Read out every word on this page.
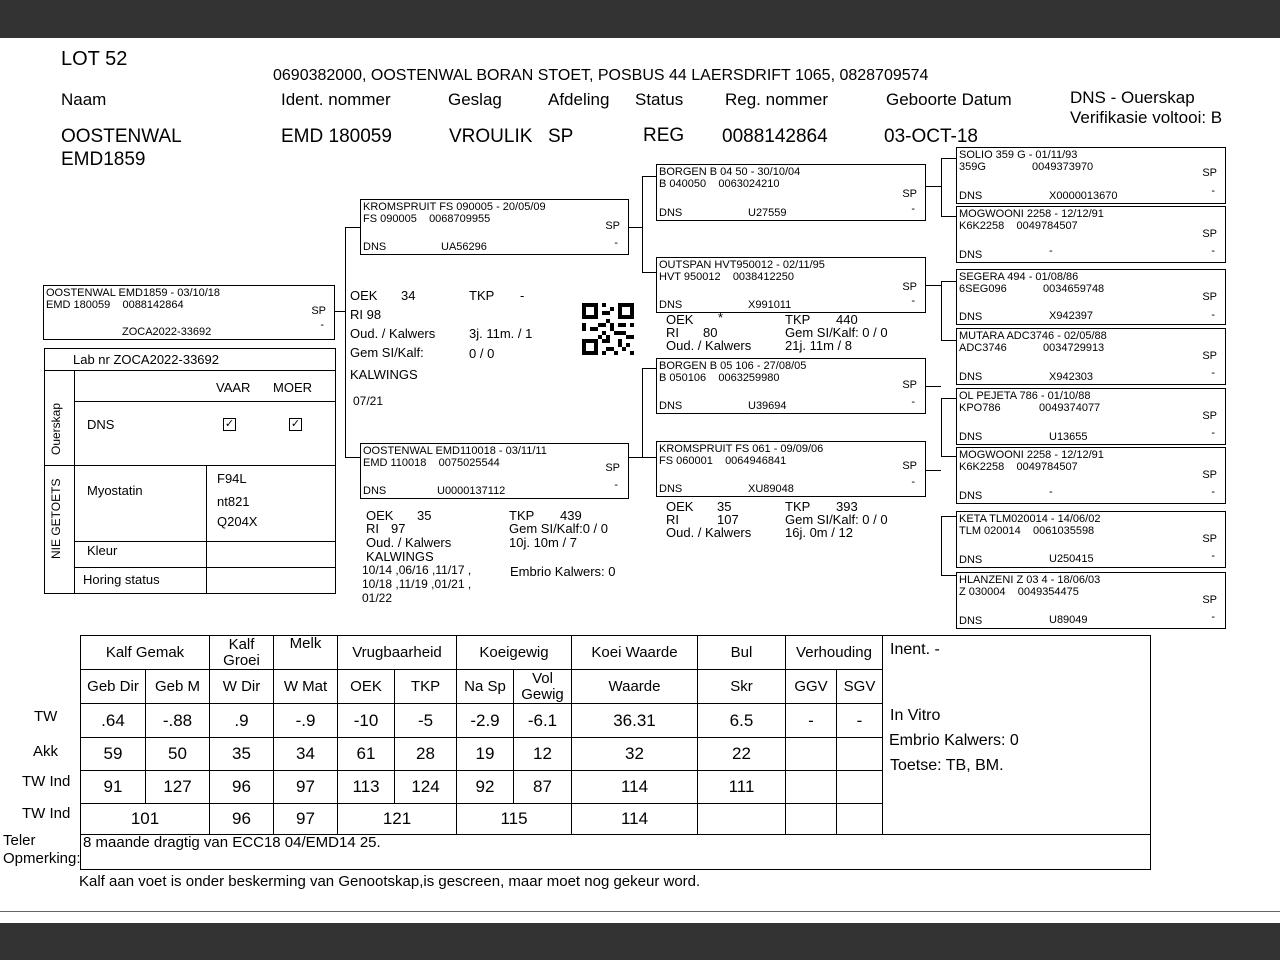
LOT 52
0690382000, OOSTENWAL BORAN STOET, POSBUS 44 LAERSDRIFT 1065, 0828709574
Naam	Ident. nommer	Geslag	Afdeling Status Reg. nommer	Geboorte Datum	DNS - Ouerskap
Verifikasie voltooi: B
OOSTENWAL
EMD1859
EMD 180059	VROULIK SP	REG 0088142864	03-OCT-18
OOSTENWAL EMD1859 - 03/10/18
EMD 180059 0088142864	SP
-
ZOCA2022-33692
Lab nr ZOCA2022-33692
VAAR MOER
DNS	✓	✓
Ouerskap
NIE GETOETS Myostatin
F94L
nt821
Q204X
Kleur
Horing status
KROMSPRUIT FS 090005 - 20/05/09
FS 090005 0068709955
SP
-
DNS	UA56296
OEK 34	TKP -
RI 98
Oud. / Kalwers	3j. 11m. / 1
Gem SI/Kalf:	0 / 0
KALWINGS
07/21
OOSTENWAL EMD110018 - 03/11/11
EMD 110018 0075025544	SP
-
DNS	U0000137112
OEK 35
RI 97
TKP 439
Gem SI/Kalf:0 / 0
Oud. / Kalwers	10j. 10m / 7
KALWINGS
10/14 ,06/16 ,11/17 ,
10/18 ,11/19 ,01/21 ,
01/22
Embrio Kalwers: 0
BORGEN B 04 50 - 30/10/04
B 040050 0063024210
SP
-
DNS	U27559
OUTSPAN HVT950012 - 02/11/95
HVT 950012 0038412250
SP
-
DNS	X991011
OEK *	TKP 440
RI 80	Gem SI/Kalf: 0 / 0
Oud. / Kalwers	21j. 11m / 8
BORGEN B 05 106 - 27/08/05
B 050106 0063259980
SP
-
DNS	U39694
KROMSPRUIT FS 061 - 09/09/06
FS 060001 0064946841	SP
-
DNS	XU89048
OEK 35	TKP 393
RI	107	Gem SI/Kalf: 0 / 0
Oud. / Kalwers	16j. 0m / 12
SOLIO 359 G - 01/11/93
359G	0049373970	SP
-
DNS	X0000013670
MOGWOONI 2258 - 12/12/91
K6K2258 0049784507
SP
-
DNS	-
SEGERA 494 - 01/08/86
6SEG096	0034659748
SP
-
DNS	X942397
MUTARA ADC3746 - 02/05/88
ADC3746	0034729913
SP
-
DNS	X942303
OL PEJETA 786 - 01/10/88
KPO786	0049374077
SP
-
DNS	U13655
MOGWOONI 2258 - 12/12/91
K6K2258 0049784507
SP
-
DNS	-
KETA TLM020014 - 14/06/02
TLM 020014 0061035598
SP
-
DNS	U250415
HLANZENI Z 03 4 - 18/06/03
Z 030004 0049354475
SP
-
DNS	U89049
TW
Akk
TW Ind
TW Ind
Teler
Opmerking:
Kalf Gemak		Kalf Groei	Melk	Vrugbaarheid		Koeigewig		Koei Waarde	Bul	Verhouding		Inent. -
In Vitro
Embrio Kalwers: 0
Toetse: TB, BM.

Geb Dir	Geb M	W Dir	W Mat	OEK	TKP	Na Sp	Vol Gewig	Waarde	Skr	GGV	SGV	
.64	-.88	.9	-.9	-10	-5	-2.9	-6.1	36.31	6.5	-	-	
59	50	35	34	61	28	19	12	32	22			
91	127	96	97	113	124	92	87	114	111			
101		96	97	121		115		114				
8 maande dragtig van ECC18 04/EMD14 25.												
Kalf aan voet is onder beskerming van Genootskap,is gescreen, maar moet nog gekeur word.
